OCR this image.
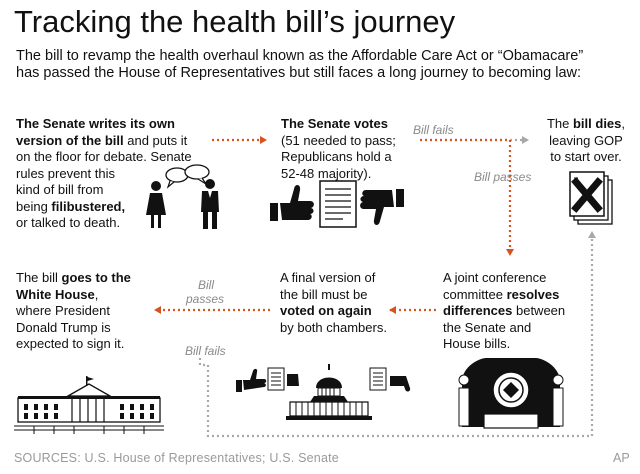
Tracking the health bill’s journey
The bill to revamp the health overhaul known as the Affordable Care Act or “Obamacare”
has passed the House of Representatives but still faces a long journey to becoming law:
The Senate writes its own
version of the bill and puts it
on the floor for debate. Senate
rules prevent this
kind of bill from
being filibustered,
or talked to death.
The Senate votes
(51 needed to pass;
Republicans hold a
52-48 majority).
The bill dies,
leaving GOP
to start over.
A joint conference
committee resolves
differences between
the Senate and
House bills.
A final version of
the bill must be
voted on again
by both chambers.
The bill goes to the
White House,
where President
Donald Trump is
expected to sign it.
Bill fails
Bill passes
Bill
passes
Bill fails
SOURCES: U.S. House of Representatives; U.S. Senate	AP
